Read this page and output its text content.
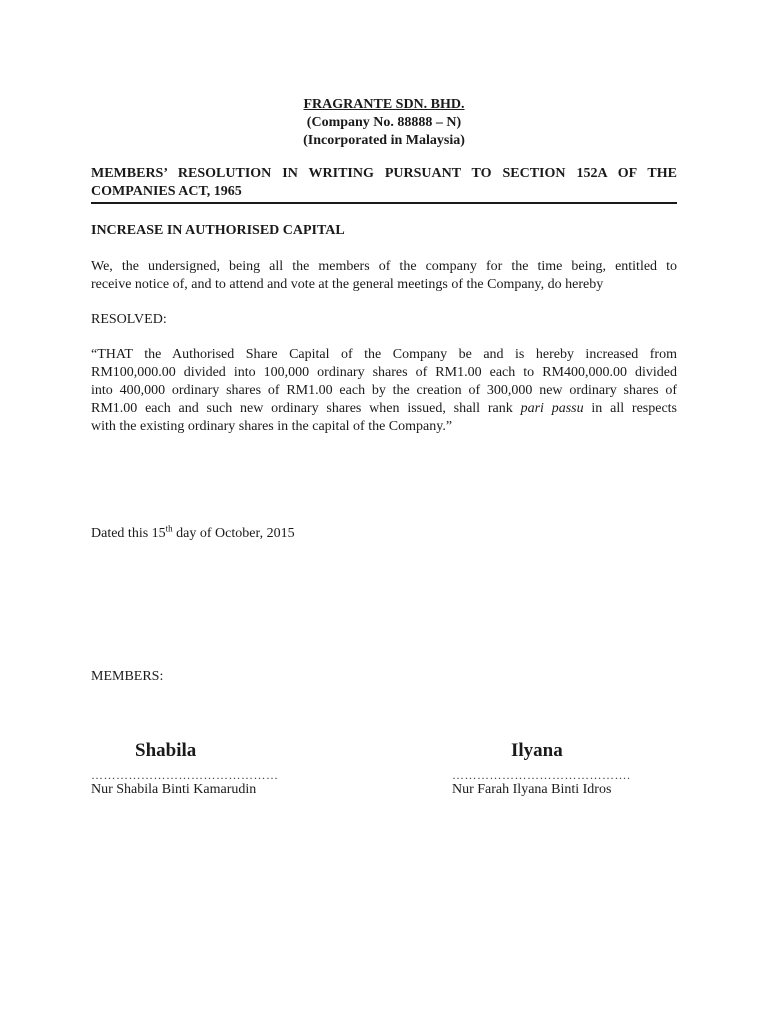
FRAGRANTE SDN. BHD.
(Company No. 88888 – N)
(Incorporated in Malaysia)
MEMBERS’ RESOLUTION IN WRITING PURSUANT TO SECTION 152A OF THE
COMPANIES ACT, 1965
INCREASE IN AUTHORISED CAPITAL
We, the undersigned, being all the members of the company for the time being, entitled to
receive notice of, and to attend and vote at the general meetings of the Company, do hereby
RESOLVED:
“THAT the Authorised Share Capital of the Company be and is hereby increased from
RM100,000.00 divided into 100,000 ordinary shares of RM1.00 each to RM400,000.00 divided
into 400,000 ordinary shares of RM1.00 each by the creation of 300,000 new ordinary shares of
RM1.00 each and such new ordinary shares when issued, shall rank pari passu in all respects
with the existing ordinary shares in the capital of the Company.”
Dated this 15th day of October, 2015
MEMBERS:
Shabila
………………………………………
Nur Shabila Binti Kamarudin
Ilyana
…………………………………….
Nur Farah Ilyana Binti Idros
